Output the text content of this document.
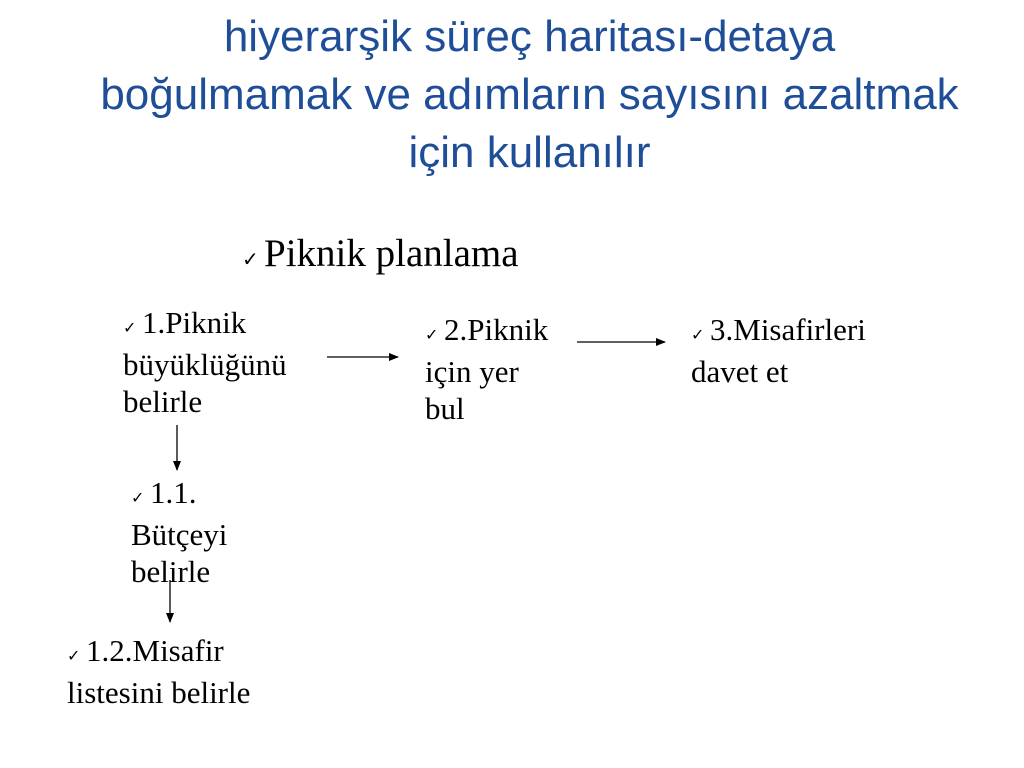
hiyerarşik süreç haritası-detaya
boğulmamak ve adımların sayısını azaltmak
için kullanılır
✓ Piknik planlama
✓ 1.Piknik
büyüklüğünü
belirle
✓ 2.Piknik
için yer
bul
✓ 3.Misafirleri
davet et
✓ 1.1.
Bütçeyi
belirle
✓ 1.2.Misafir
listesini belirle
